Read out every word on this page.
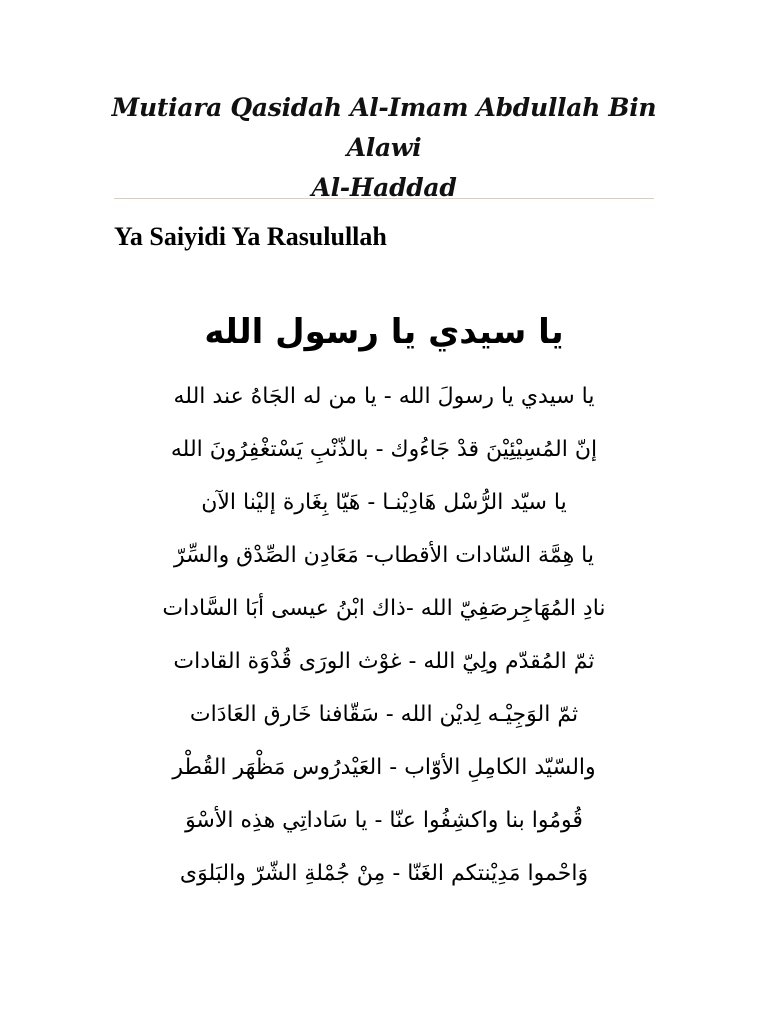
Mutiara Qasidah Al-Imam Abdullah Bin Alawi
Al-Haddad
Ya Saiyidi Ya Rasulullah
يا سيدي يا رسول الله
يا سيدي يا رسولَ الله - يا من له الجَاهُ عند الله
إنّ المُسِيْئِيْنَ قدْ جَاءُوك - بالذّنْبِ يَسْتغْفِرُونَ الله
يا سيّد الرُّسْل هَادِيْنـا - هَيّا بِغَارة إليْنا الآن
يا هِمَّة السّادات الأقطاب- مَعَادِن الصِّدْق والسِّرّ
نادِ المُهَاجِرصَفِيّ الله -ذاك ابْنُ عيسى أبَا السَّادات
ثمّ المُقدّم ولِيّ الله - غوْث الورَى قُدْوَة القادات
ثمّ الوَجِيْـه لِديْن الله - سَقّافنا خَارق العَادَات
والسّيّد الكامِلِ الأوّاب - العَيْدرُوس مَظْهَر القُطْر
قُومُوا بنا واكشِفُوا عنّا - يا سَاداتِي هذِه الأسْوَ
وَاحْموا مَدِيْنتكم الغَنّا - مِنْ جُمْلةِ الشّرّ والبَلوَى
